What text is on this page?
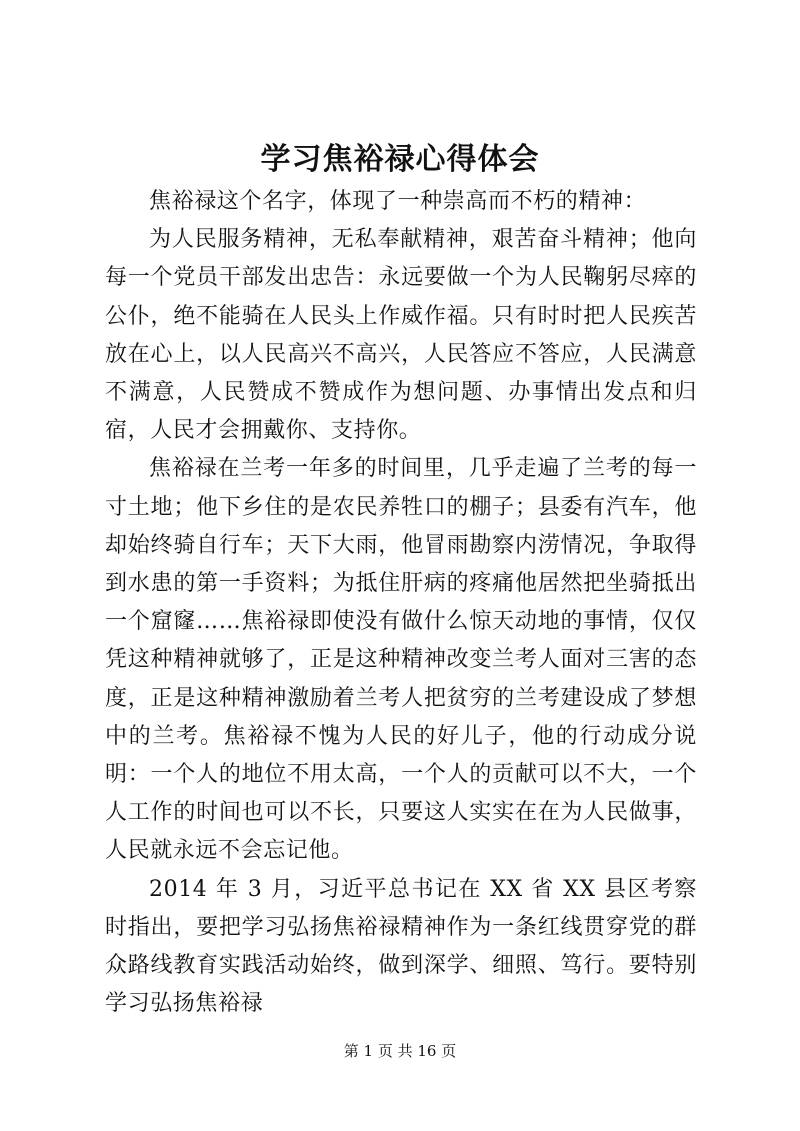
学习焦裕禄心得体会

焦裕禄这个名字，体现了一种崇高而不朽的精神：

为人民服务精神，无私奉献精神，艰苦奋斗精神；他向每一个党员干部发出忠告：永远要做一个为人民鞠躬尽瘁的公仆，绝不能骑在人民头上作威作福。只有时时把人民疾苦放在心上，以人民高兴不高兴，人民答应不答应，人民满意不满意，人民赞成不赞成作为想问题、办事情出发点和归宿，人民才会拥戴你、支持你。

焦裕禄在兰考一年多的时间里，几乎走遍了兰考的每一寸土地；他下乡住的是农民养牲口的棚子；县委有汽车，他却始终骑自行车；天下大雨，他冒雨勘察内涝情况，争取得到水患的第一手资料；为抵住肝病的疼痛他居然把坐骑抵出一个窟窿……焦裕禄即使没有做什么惊天动地的事情，仅仅凭这种精神就够了，正是这种精神改变兰考人面对三害的态度，正是这种精神激励着兰考人把贫穷的兰考建设成了梦想中的兰考。焦裕禄不愧为人民的好儿子，他的行动成分说明：一个人的地位不用太高，一个人的贡献可以不大，一个人工作的时间也可以不长，只要这人实实在在为人民做事，人民就永远不会忘记他。

2014 年 3 月，习近平总书记在 XX 省 XX 县区考察时指出，要把学习弘扬焦裕禄精神作为一条红线贯穿党的群众路线教育实践活动始终，做到深学、细照、笃行。要特别学习弘扬焦裕禄

第 1 页 共 16 页
